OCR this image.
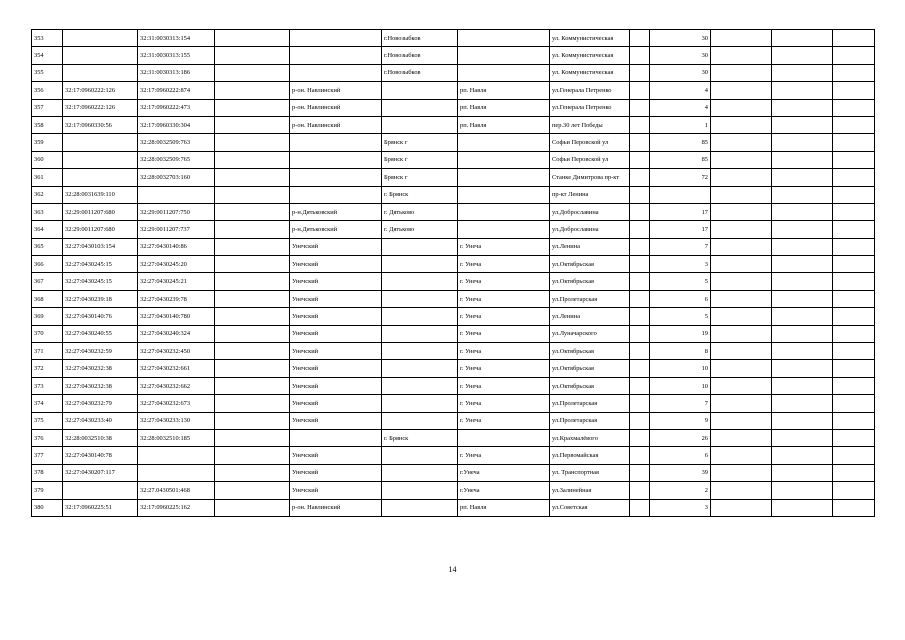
353		32:31:0030313:154			г.Новозыбков		ул. Коммунистическая		30			
354		32:31:0030313:155			г.Новозыбков		ул. Коммунистическая		30			
355		32:31:0030313:186			г.Новозыбков		ул. Коммунистическая		30			
356	32:17:0960222:126	32:17:0960222:874		р-он. Навлинский		рп. Навля	ул.Генерала Петренко		4			
357	32:17:0960222:126	32:17:0960222:473		р-он. Навлинский		рп. Навля	ул.Генерала Петренко		4			
358	32:17:0960330:56	32:17:0960330:304		р-он. Навлинский		рп. Навля	пер.30 лет Победы		1			
359		32:28:0032509:763			Брянск г		Софьи Перовской ул		85			
360		32:28:0032509:765			Брянск г		Софьи Перовской ул		85			
361		32:28:0032703:160			Брянск г		Станке Димитрова пр-кт		72			
362	32:28:0031639:110				г. Брянск		пр-кт Ленина					
363	32:29:0011207:680	32:29:0011207:750		р-н.Дятьковский	г. Дятьково		ул.Доброславина		17			
364	32:29:0011207:680	32:29:0011207:737		р-н.Дятьковский	г. Дятьково		ул.Доброславина		17			
365	32:27:0430103:154	32:27:0430140:86		Унечский		г. Унеча	ул.Ленина		7			
366	32:27:0430245:15	32:27:0430245:20		Унечский		г. Унеча	ул.Октябрьская		3			
367	32:27:0430245:15	32:27:0430245:21		Унечский		г. Унеча	ул.Октябрьская		5			
368	32:27:0430239:18	32:27:0430239:78		Унечский		г. Унеча	ул.Пролетарская		6			
369	32:27:0430140:76	32:27:0430140:780		Унечский		г. Унеча	ул.Ленина		5			
370	32:27:0430240:55	32:27:0430240:324		Унечский		г. Унеча	ул.Луначарского		19			
371	32:27:0430232:59	32:27:0430232:450		Унечский		г. Унеча	ул.Октябрьская		8			
372	32:27:0430232:38	32:27:0430232:661		Унечский		г. Унеча	ул.Октябрьская		10			
373	32:27:0430232:38	32:27:0430232:662		Унечский		г. Унеча	ул.Октябрьская		10			
374	32:27:0430232:79	32:27:0430232:673		Унечский		г. Унеча	ул.Пролетарская		7			
375	32:27:0430233:40	32:27:0430233:130		Унечский		г. Унеча	ул.Пролетарская		9			
376	32:28:0032510:38	32:28:0032510:185			г. Брянск		ул.Крахмалёвого		26			
377	32:27:0430140:78			Унечский		г. Унеча	ул.Первомайская		6			
378	32:27:0430207:117			Унечский		г.Унеча	ул. Транспортная		39			
379		32:27.0430501:468		Унечский		г.Унеча	ул.Залинейная		2			
380	32:17:0960225:51	32:17:0960225:162		р-он. Навлинский		рп. Навля	ул.Советская		3			
14
